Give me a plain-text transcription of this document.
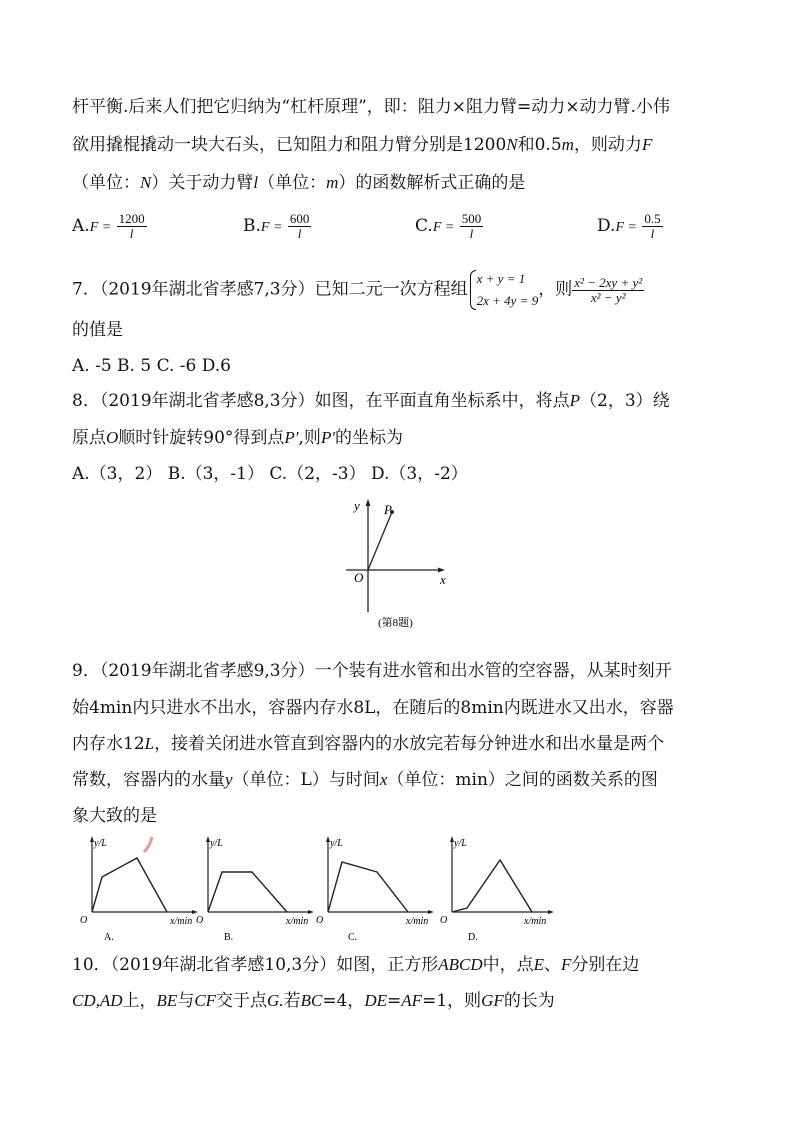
杆平衡.后来人们把它归纳为“杠杆原理”，即：阻力×阻力臂=动力×动力臂.小伟
欲用撬棍撬动一块大石头，已知阻力和阻力臂分别是1200N和0.5m，则动力F
（单位：N）关于动力臂l（单位：m）的函数解析式正确的是
$A.F = \frac{1200}{l}$	$B.F = \frac{600}{l}$	$C.F = \frac{500}{l}$	$D.F = \frac{0.5}{l}$
7．（2019年湖北省孝感7,3分）已知二元一次方程组
x + y = 1
2x + 4y = 9
，则 $\frac{\text{x² − 2xy + y²}}{\text{x² − y²}}$
的值是
A. -5 B. 5 C. -6 D.6
8．（2019年湖北省孝感8,3分）如图，在平面直角坐标系中，将点P（2，3）绕
原点O顺时针旋转90°得到点P′,则P′的坐标为
A.（3，2） B.（3，-1） C.（2，-3） D.（3，-2）
y
x
O
P
(第8题)
9．（2019年湖北省孝感9,3分）一个装有进水管和出水管的空容器，从某时刻开
始4min内只进水不出水，容器内存水8L，在随后的8min内既进水又出水，容器
内存水12L，接着关闭进水管直到容器内的水放完若每分钟进水和出水量是两个
常数，容器内的水量y（单位：L）与时间x（单位：min）之间的函数关系的图
象大致的是
y/L
x/min
O
A.
y/L
x/min
O
B.
y/L
x/min
O
C.
y/L
x/min
O
D.
10．（2019年湖北省孝感10,3分）如图，正方形ABCD中，点E、F分别在边
CD,AD上，BE与CF交于点G.若BC=4，DE=AF=1，则GF的长为
